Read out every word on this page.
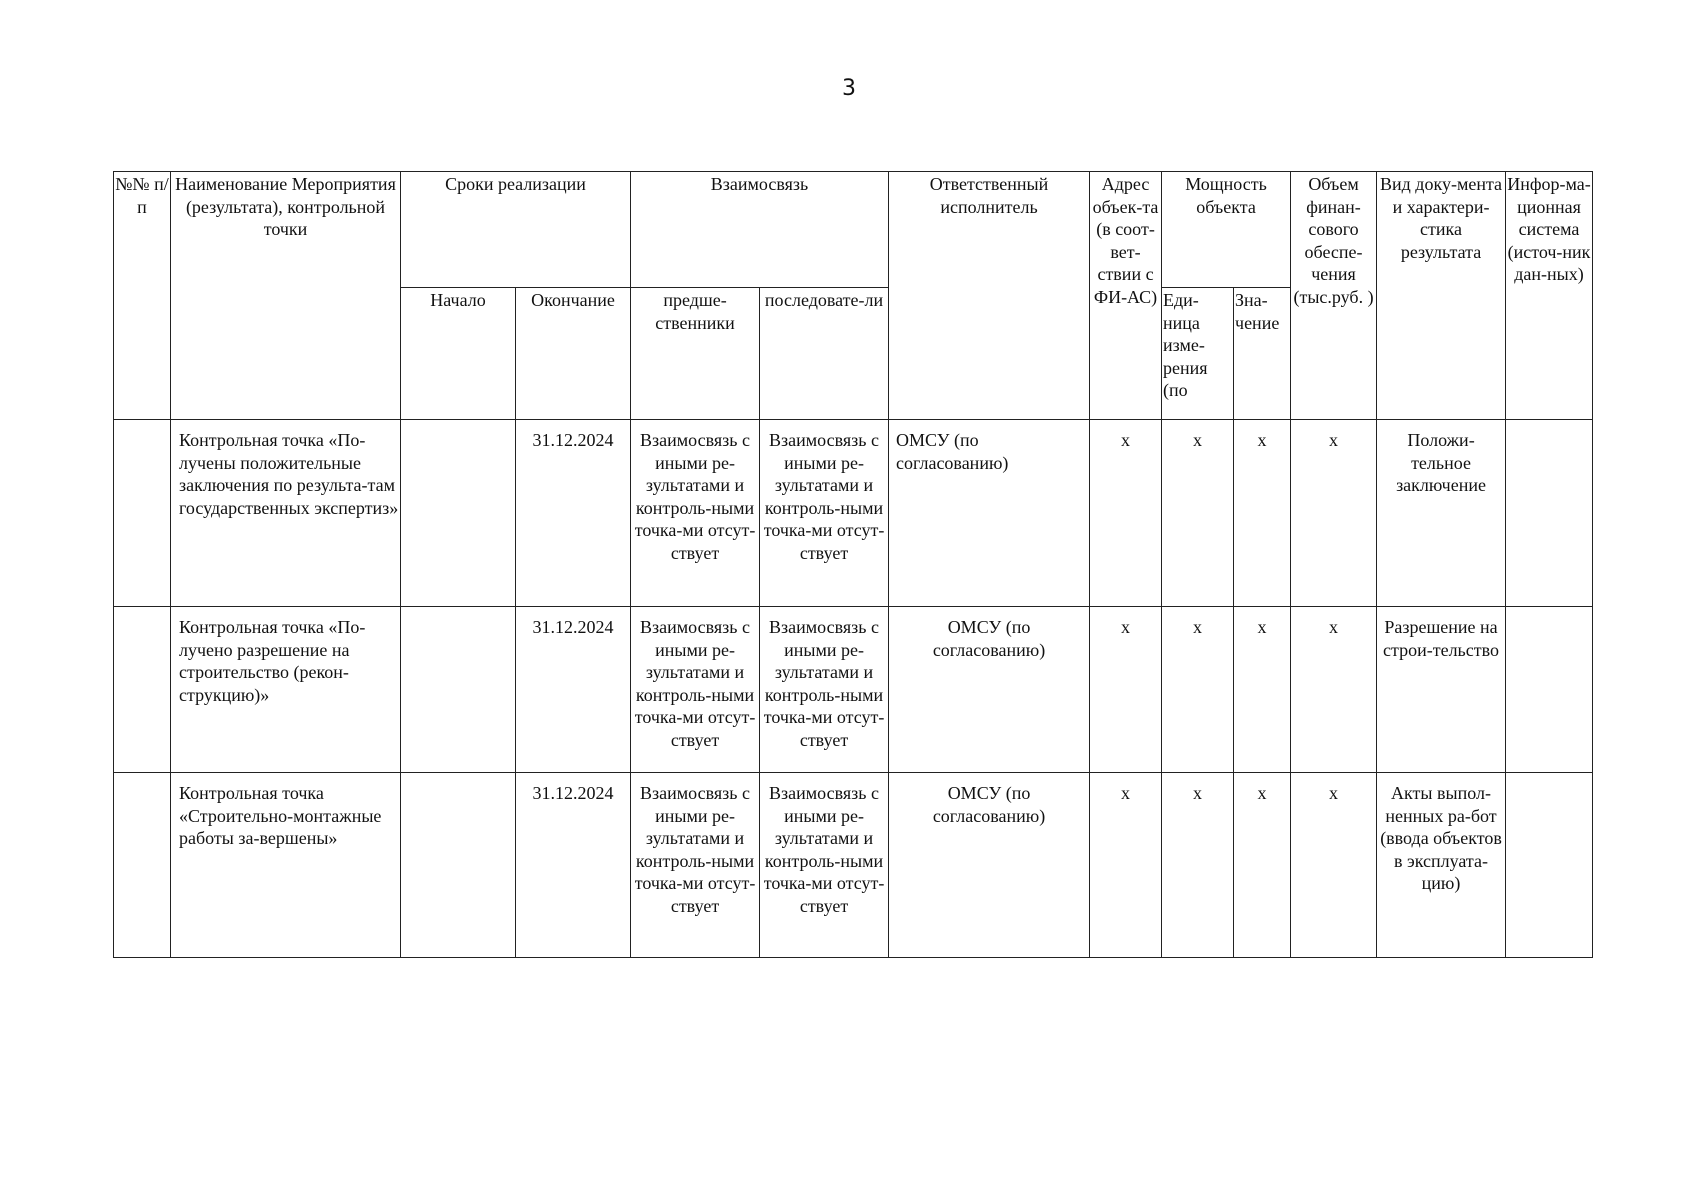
3
№№ п/п	Наименование Мероприятия (результата), контрольной точки	Сроки реализации		Взаимосвязь		Ответственный исполнитель	Адрес объек-та (в соот-вет-ствии с ФИ-АС)	Мощность объекта		Объем финан-сового обеспе-чения (тыс.руб. )	Вид доку-мента и характери-стика результата	Инфор-ма-ционная система (источ-ник дан-ных)
		Начало	Окончание	предше-ственники	последовате-ли			Еди-ница изме-рения (по	Зна-чение			
	Контрольная точка «По-лучены положительные заключения по результа-там государственных экспертиз»		31.12.2024	Взаимосвязь с иными ре-зультатами и контроль-ными точка-ми отсут-ствует	Взаимосвязь с иными ре-зультатами и контроль-ными точка-ми отсут-ствует	ОМСУ (по согласованию)	х	х	х	х	Положи-тельное заключение	
	Контрольная точка «По-лучено разрешение на строительство (рекон-струкцию)»		31.12.2024	Взаимосвязь с иными ре-зультатами и контроль-ными точка-ми отсут-ствует	Взаимосвязь с иными ре-зультатами и контроль-ными точка-ми отсут-ствует	ОМСУ (по согласованию)	х	х	х	х	Разрешение на строи-тельство	
	Контрольная точка «Строительно-монтажные работы за-вершены»		31.12.2024	Взаимосвязь с иными ре-зультатами и контроль-ными точка-ми отсут-ствует	Взаимосвязь с иными ре-зультатами и контроль-ными точка-ми отсут-ствует	ОМСУ (по согласованию)	х	х	х	х	Акты выпол-ненных ра-бот (ввода объектов в эксплуата-цию)	
